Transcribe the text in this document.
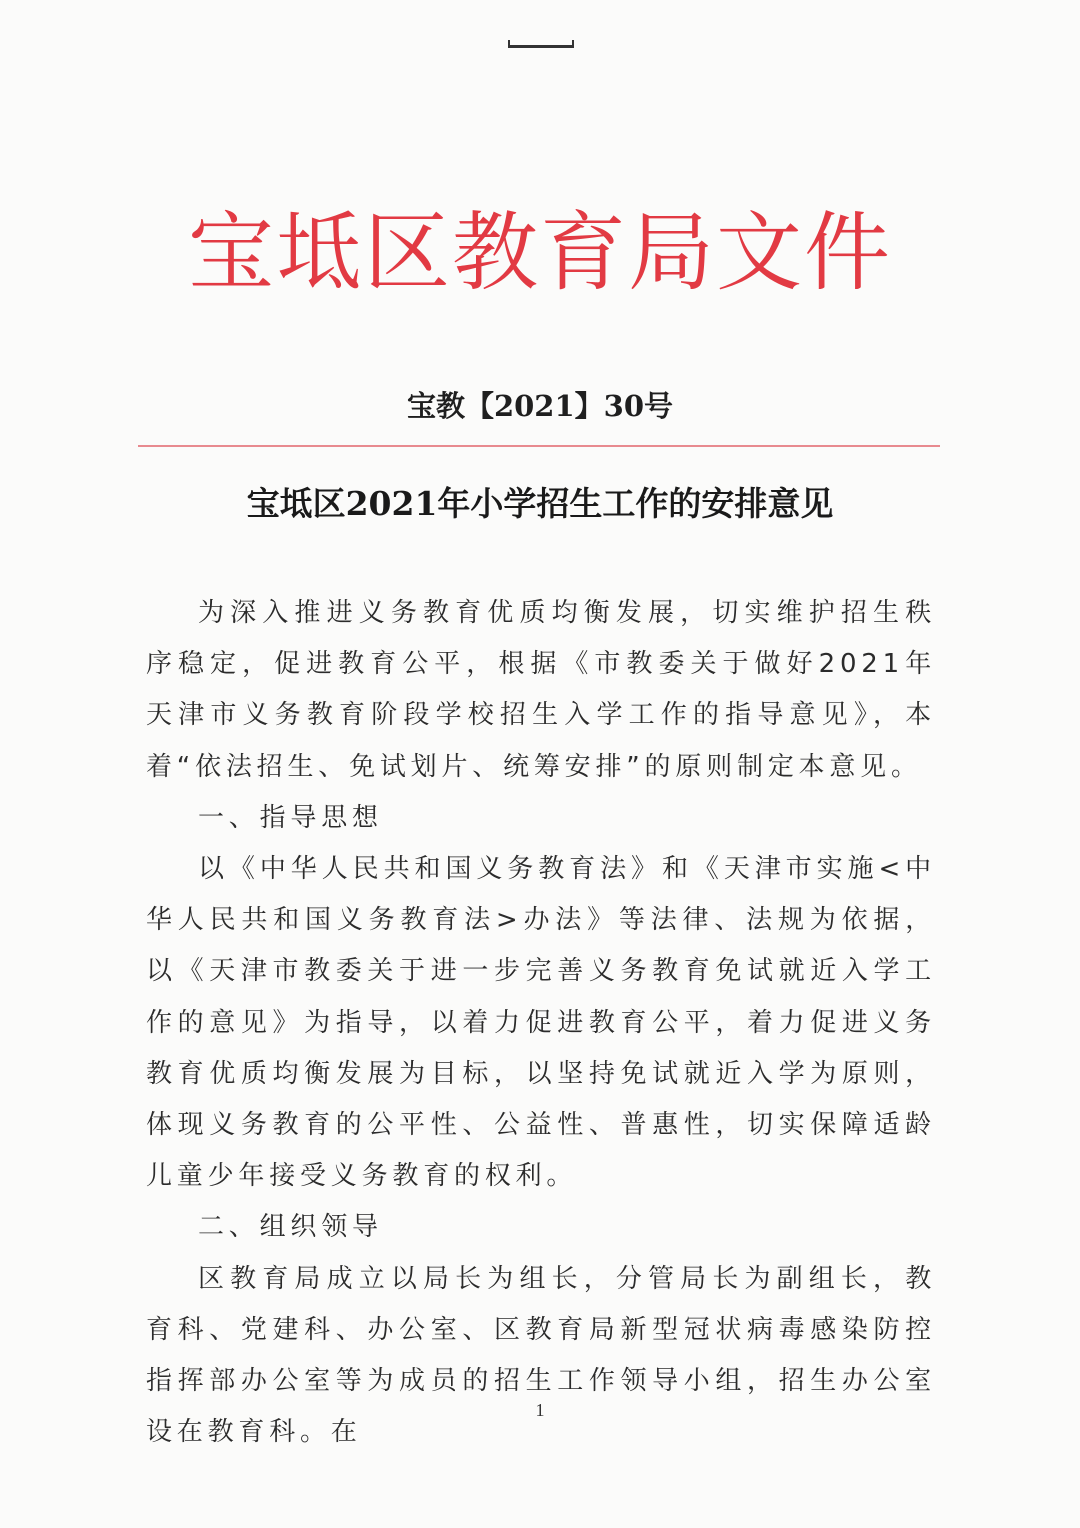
宝坻区教育局文件
宝教【2021】30号
宝坻区2021年小学招生工作的安排意见

为深入推进义务教育优质均衡发展，切实维护招生秩序稳定，促进教育公平，根据《市教委关于做好2021年天津市义务教育阶段学校招生入学工作的指导意见》，本着“依法招生、免试划片、统筹安排”的原则制定本意见。

一、指导思想

以《中华人民共和国义务教育法》和《天津市实施<中华人民共和国义务教育法>办法》等法律、法规为依据，以《天津市教委关于进一步完善义务教育免试就近入学工作的意见》为指导，以着力促进教育公平，着力促进义务教育优质均衡发展为目标，以坚持免试就近入学为原则，体现义务教育的公平性、公益性、普惠性，切实保障适龄儿童少年接受义务教育的权利。

二、组织领导

区教育局成立以局长为组长，分管局长为副组长，教育科、党建科、办公室、区教育局新型冠状病毒感染防控指挥部办公室等为成员的招生工作领导小组，招生办公室设在教育科。在

1
